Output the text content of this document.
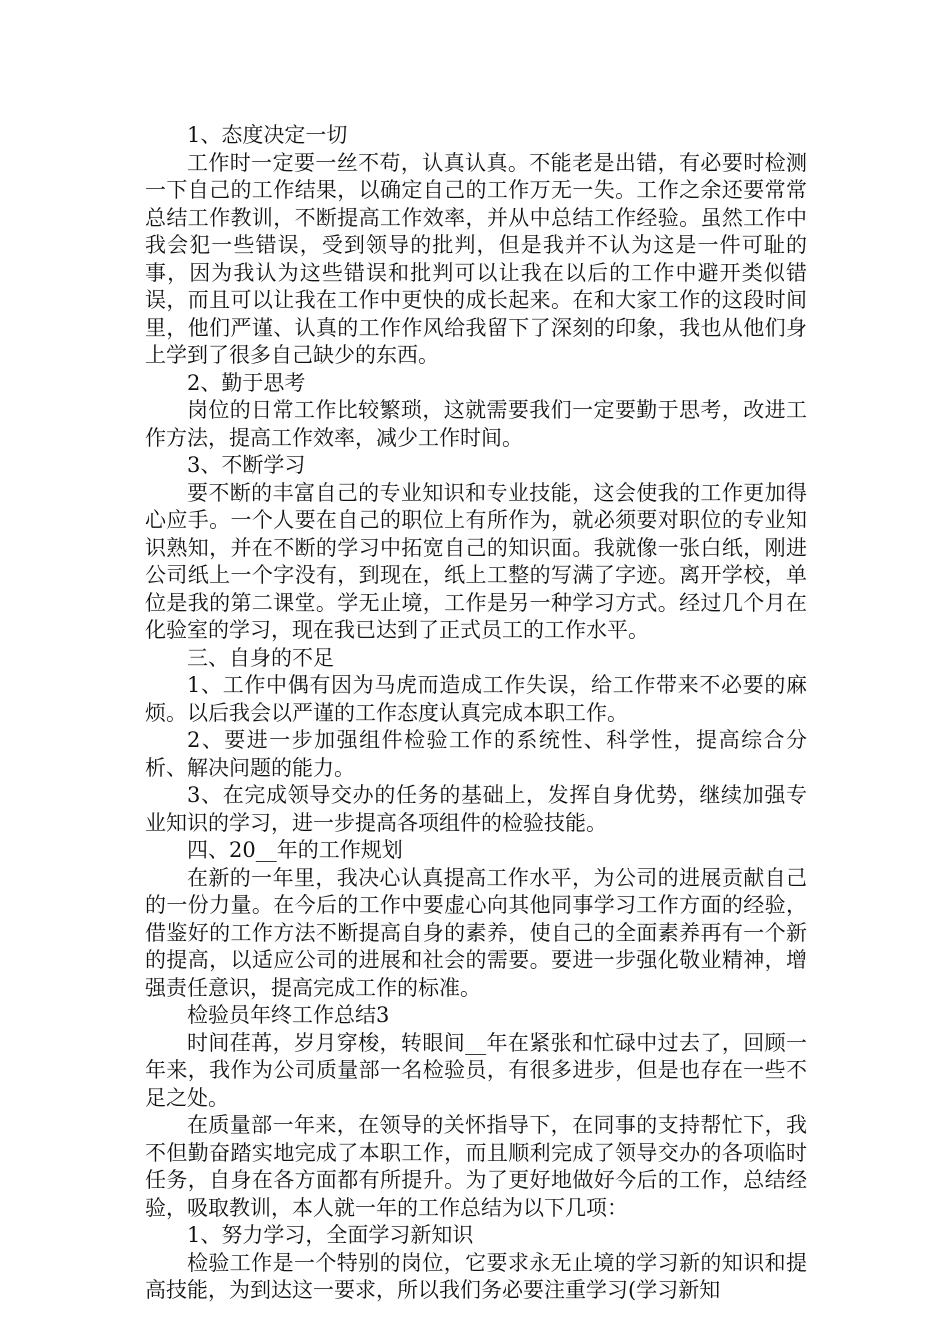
1、态度决定一切

工作时一定要一丝不苟，认真认真。不能老是出错，有必要时检测一下自己的工作结果，以确定自己的工作万无一失。工作之余还要常常总结工作教训，不断提高工作效率，并从中总结工作经验。虽然工作中我会犯一些错误，受到领导的批判，但是我并不认为这是一件可耻的事，因为我认为这些错误和批判可以让我在以后的工作中避开类似错误，而且可以让我在工作中更快的成长起来。在和大家工作的这段时间里，他们严谨、认真的工作作风给我留下了深刻的印象，我也从他们身上学到了很多自己缺少的东西。

2、勤于思考

岗位的日常工作比较繁琐，这就需要我们一定要勤于思考，改进工作方法，提高工作效率，减少工作时间。

3、不断学习

要不断的丰富自己的专业知识和专业技能，这会使我的工作更加得心应手。一个人要在自己的职位上有所作为，就必须要对职位的专业知识熟知，并在不断的学习中拓宽自己的知识面。我就像一张白纸，刚进公司纸上一个字没有，到现在，纸上工整的写满了字迹。离开学校，单位是我的第二课堂。学无止境，工作是另一种学习方式。经过几个月在化验室的学习，现在我已达到了正式员工的工作水平。

三、自身的不足

1、工作中偶有因为马虎而造成工作失误，给工作带来不必要的麻烦。以后我会以严谨的工作态度认真完成本职工作。

2、要进一步加强组件检验工作的系统性、科学性，提高综合分析、解决问题的能力。

3、在完成领导交办的任务的基础上，发挥自身优势，继续加强专业知识的学习，进一步提高各项组件的检验技能。

四、20__年的工作规划

在新的一年里，我决心认真提高工作水平，为公司的进展贡献自己的一份力量。在今后的工作中要虚心向其他同事学习工作方面的经验，借鉴好的工作方法不断提高自身的素养，使自己的全面素养再有一个新的提高，以适应公司的进展和社会的需要。要进一步强化敬业精神，增强责任意识，提高完成工作的标准。

检验员年终工作总结3

时间荏苒，岁月穿梭，转眼间__年在紧张和忙碌中过去了，回顾一年来，我作为公司质量部一名检验员，有很多进步，但是也存在一些不足之处。

在质量部一年来，在领导的关怀指导下，在同事的支持帮忙下，我不但勤奋踏实地完成了本职工作，而且顺利完成了领导交办的各项临时任务，自身在各方面都有所提升。为了更好地做好今后的工作，总结经验，吸取教训，本人就一年的工作总结为以下几项：

1、努力学习，全面学习新知识

检验工作是一个特别的岗位，它要求永无止境的学习新的知识和提高技能，为到达这一要求，所以我们务必要注重学习(学习新知
